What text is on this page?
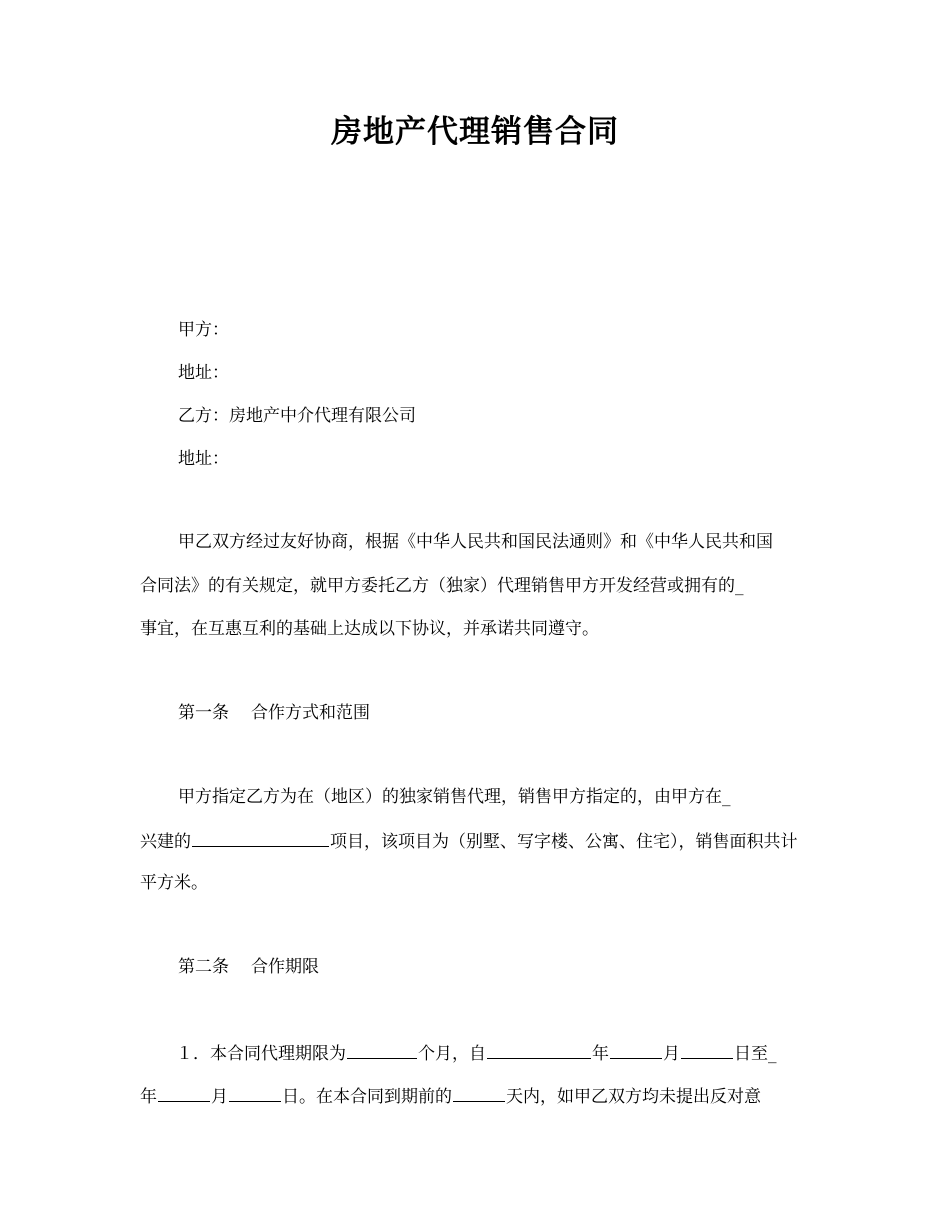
房地产代理销售合同
甲方：
地址：
乙方：房地产中介代理有限公司
地址：
甲乙双方经过友好协商，根据《中华人民共和国民法通则》和《中华人民共和国
合同法》的有关规定，就甲方委托乙方（独家）代理销售甲方开发经营或拥有的_
事宜，在互惠互利的基础上达成以下协议，并承诺共同遵守。
第一条 合作方式和范围
甲方指定乙方为在（地区）的独家销售代理，销售甲方指定的，由甲方在_
兴建的	项目，该项目为（别墅、写字楼、公寓、住宅），销售面积共计
平方米。
第二条 合作期限
１．本合同代理期限为	个月，自	年	月	日至_
年	月	日。在本合同到期前的	天内，如甲乙双方均未提出反对意
